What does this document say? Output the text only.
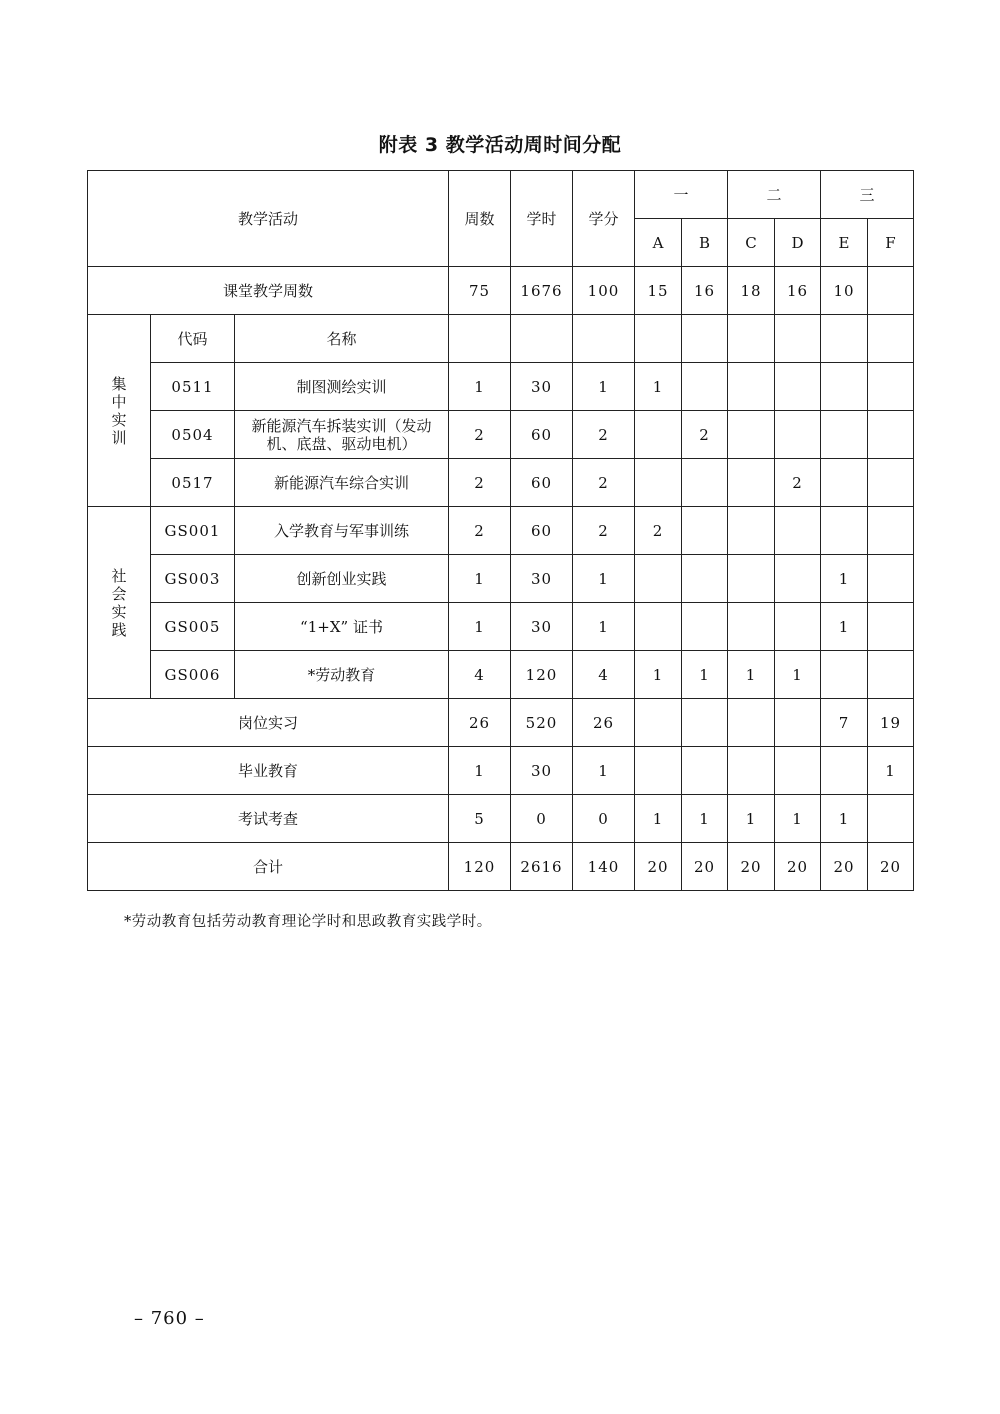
附表 3 教学活动周时间分配
教学活动			周数	学时	学分	一		二		三	
						A	B	C	D	E	F
课堂教学周数			75	1676	100	15	16	18	16	10	
集中实训	代码	名称									
	0511	制图测绘实训	1	30	1	1					
	0504	新能源汽车拆装实训（发动机、底盘、驱动电机）	2	60	2		2				
	0517	新能源汽车综合实训	2	60	2				2		
社会实践	GS001	入学教育与军事训练	2	60	2	2					
	GS003	创新创业实践	1	30	1					1	
	GS005	“1+X” 证书	1	30	1					1	
	GS006	*劳动教育	4	120	4	1	1	1	1		
岗位实习			26	520	26					7	19
毕业教育			1	30	1						1
考试考查			5	0	0	1	1	1	1	1	
合计			120	2616	140	20	20	20	20	20	20
*劳动教育包括劳动教育理论学时和思政教育实践学时。
– 760 –
